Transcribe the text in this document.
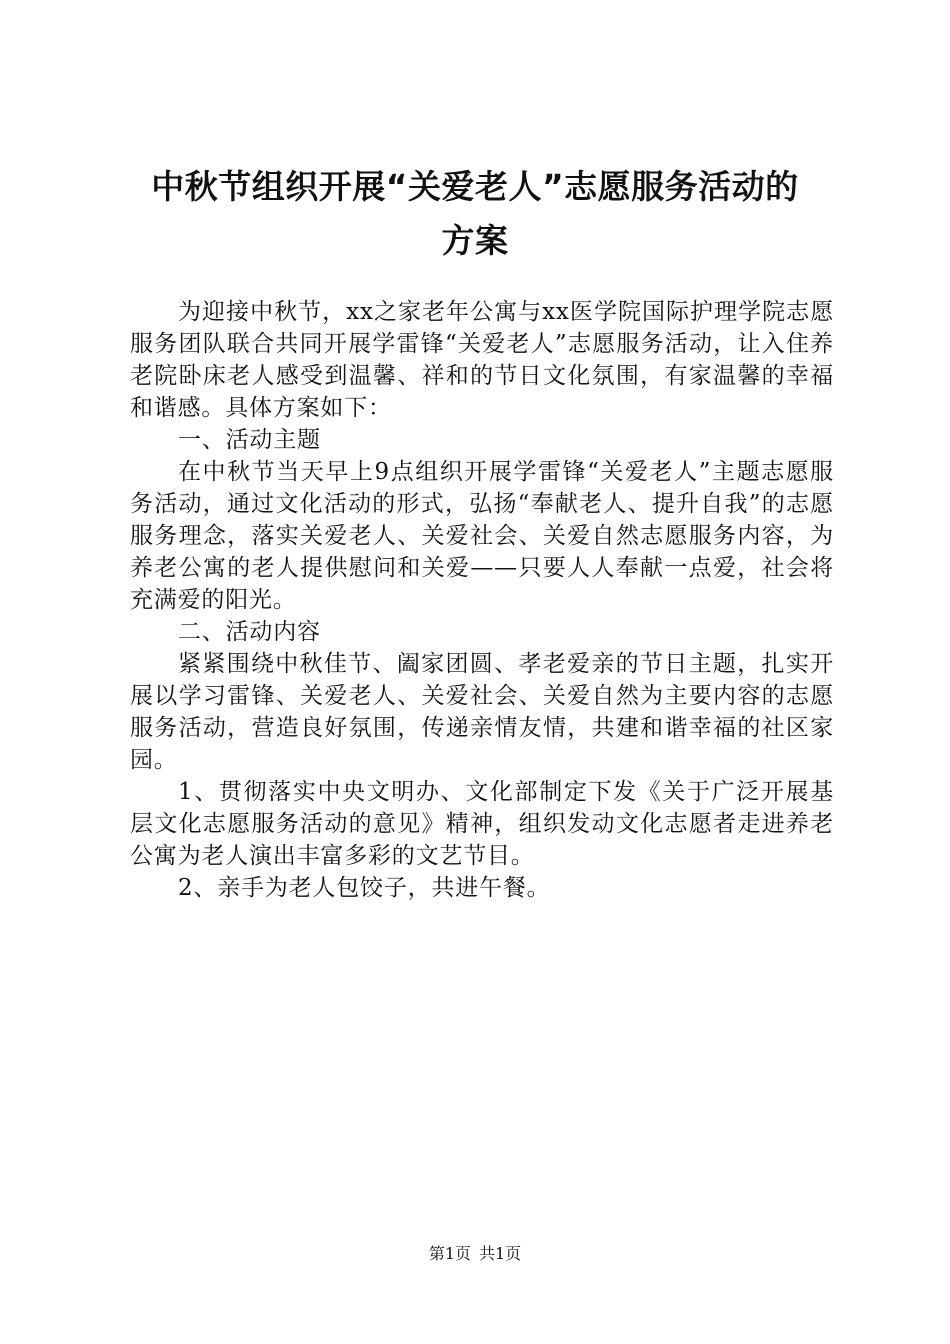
中秋节组织开展“关爱老人”志愿服务活动的
方案

为迎接中秋节，xx之家老年公寓与xx医学院国际护理学院志愿服务团队联合共同开展学雷锋“关爱老人”志愿服务活动，让入住养老院卧床老人感受到温馨、祥和的节日文化氛围，有家温馨的幸福和谐感。具体方案如下：

一、活动主题

在中秋节当天早上9点组织开展学雷锋“关爱老人”主题志愿服务活动，通过文化活动的形式，弘扬“奉献老人、提升自我”的志愿服务理念，落实关爱老人、关爱社会、关爱自然志愿服务内容，为养老公寓的老人提供慰问和关爱——只要人人奉献一点爱，社会将充满爱的阳光。

二、活动内容

紧紧围绕中秋佳节、阖家团圆、孝老爱亲的节日主题，扎实开展以学习雷锋、关爱老人、关爱社会、关爱自然为主要内容的志愿服务活动，营造良好氛围，传递亲情友情，共建和谐幸福的社区家园。

1、贯彻落实中央文明办、文化部制定下发《关于广泛开展基层文化志愿服务活动的意见》精神，组织发动文化志愿者走进养老公寓为老人演出丰富多彩的文艺节目。

2、亲手为老人包饺子，共进午餐。

第1页 共1页
